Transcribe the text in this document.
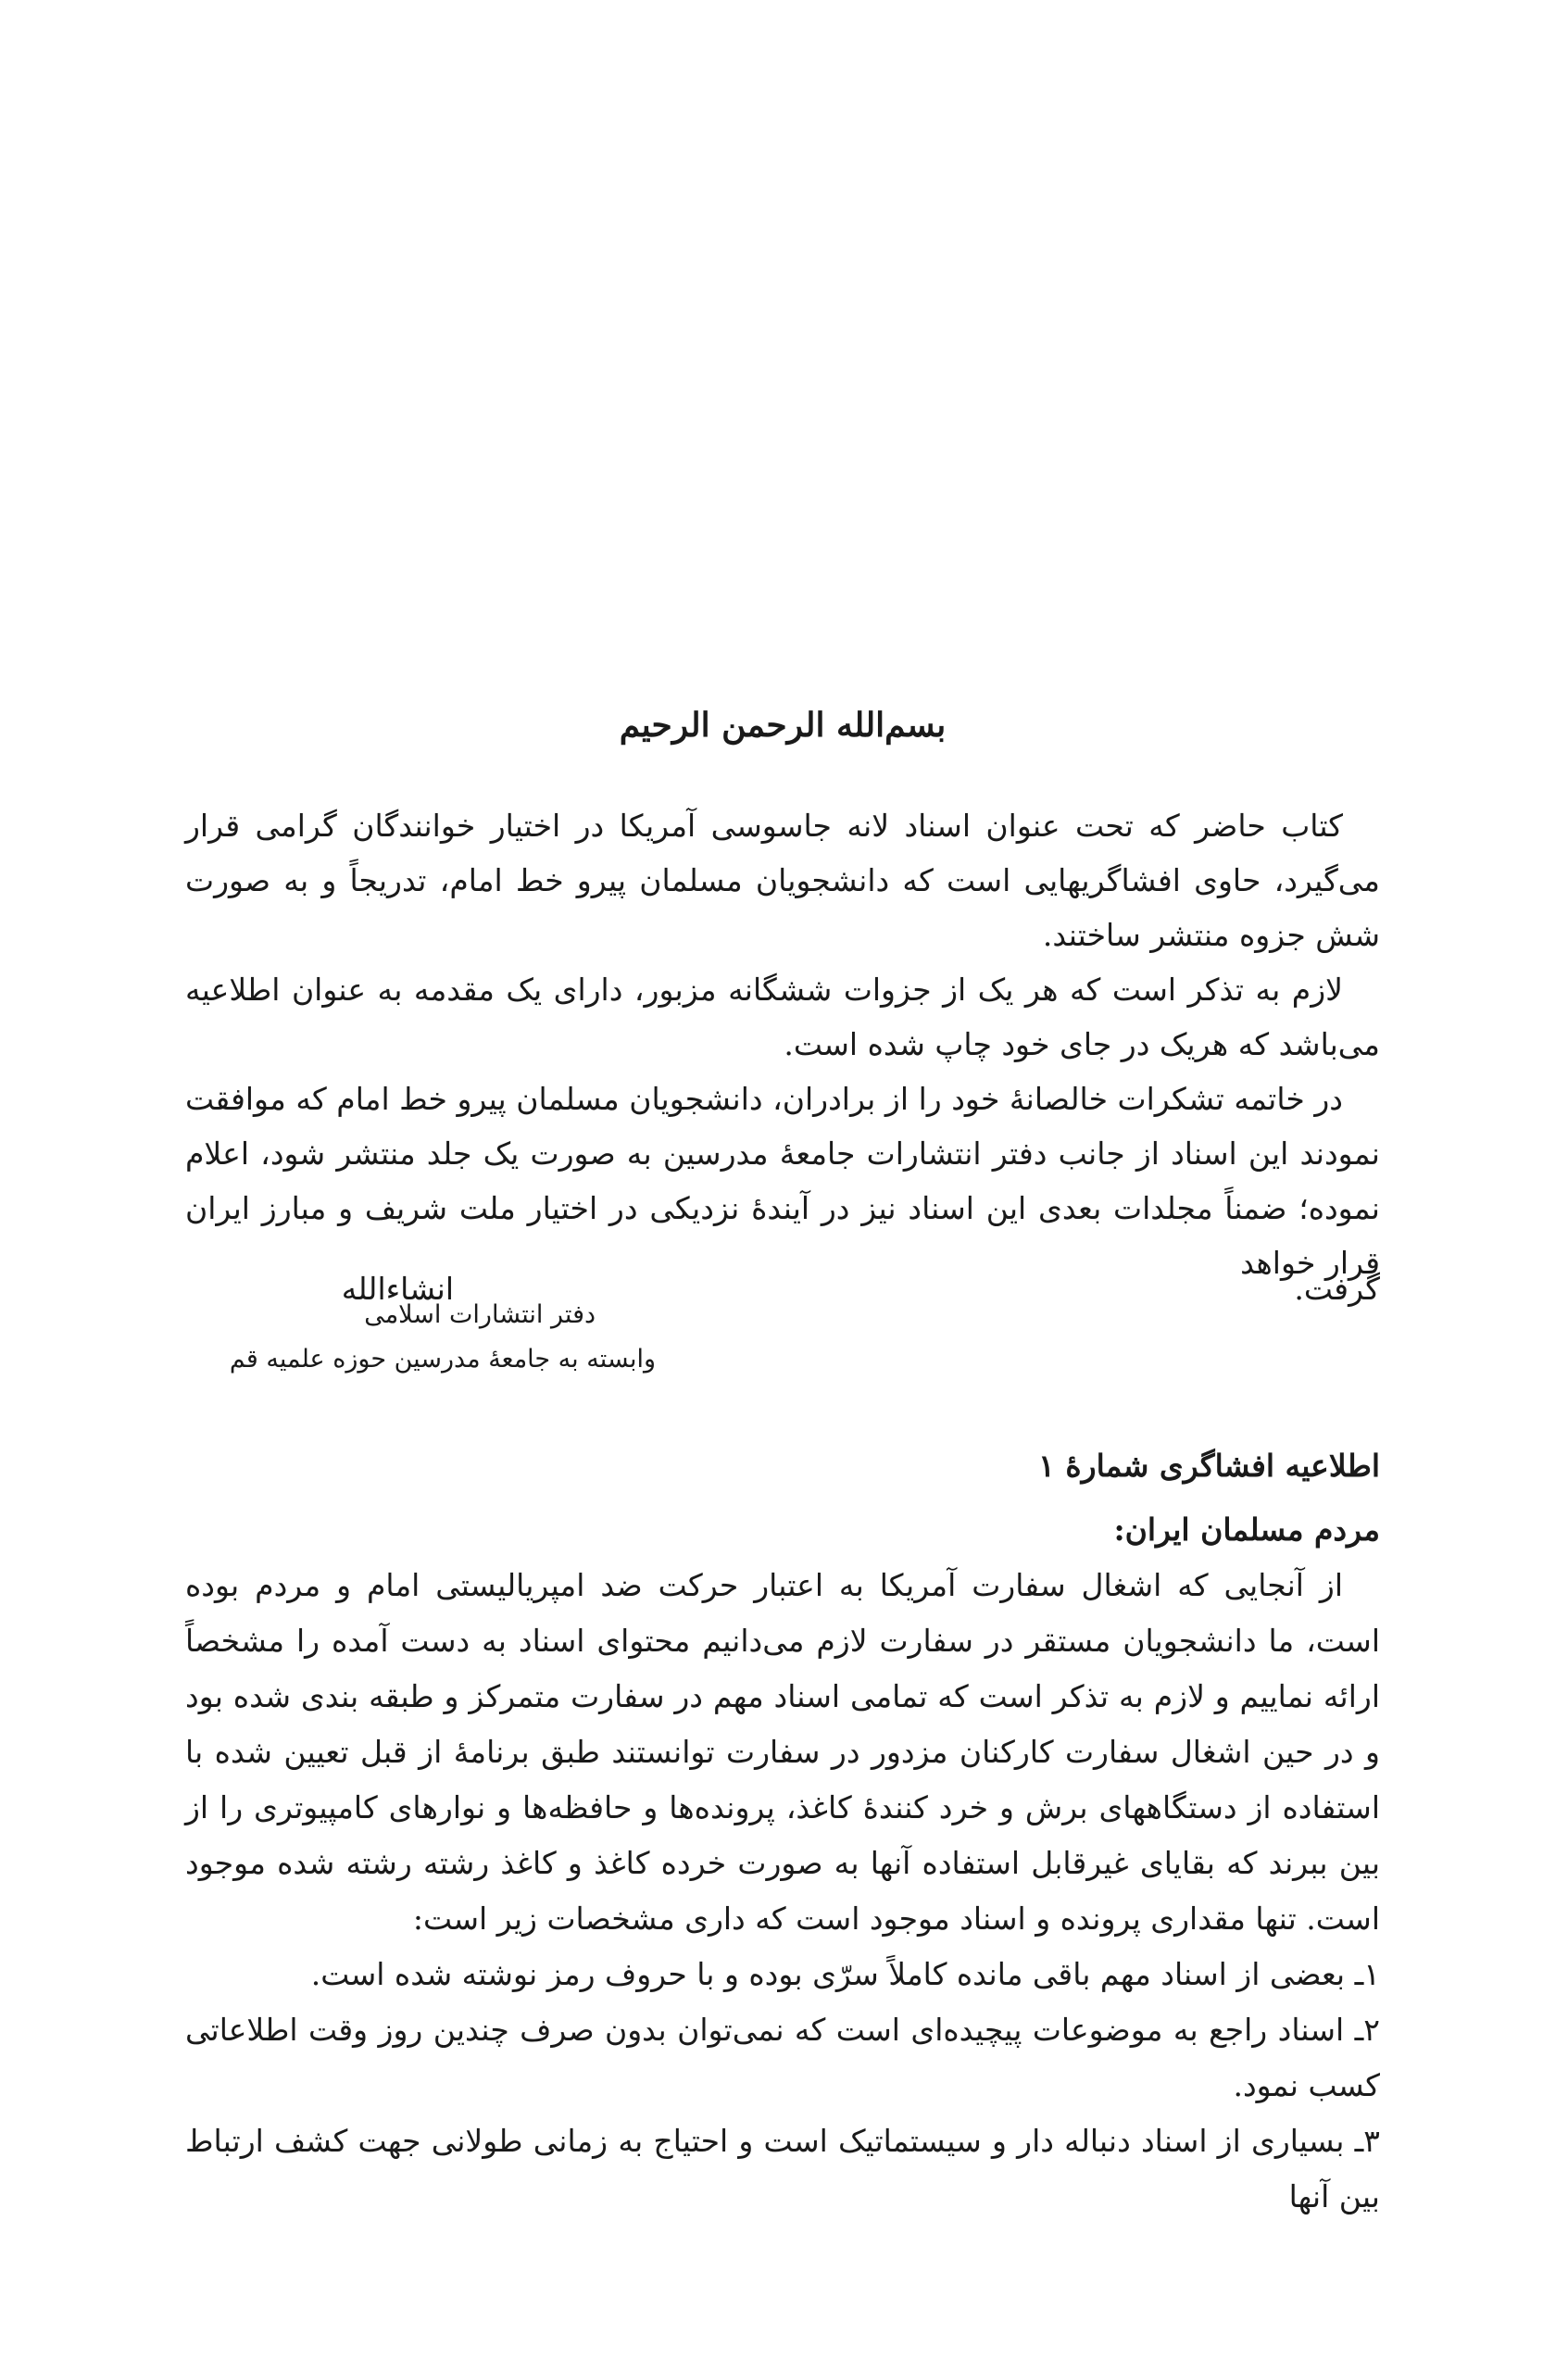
بسم‌الله الرحمن الرحیم

کتاب حاضر که تحت عنوان اسناد لانه جاسوسی آمریکا در اختیار خوانندگان گرامی قرار می‌گیرد، حاوی افشاگریهایی است که دانشجویان مسلمان پیرو خط امام، تدریجاً و به صورت شش جزوه منتشر ساختند.

لازم به تذکر است که هر یک از جزوات ششگانه مزبور، دارای یک مقدمه به عنوان اطلاعیه می‌باشد که هریک در جای خود چاپ شده است.

در خاتمه تشکرات خالصانهٔ خود را از برادران، دانشجویان مسلمان پیرو خط امام که موافقت نمودند این اسناد از جانب دفتر انتشارات جامعهٔ مدرسین به صورت یک جلد منتشر شود، اعلام نموده؛ ضمناً مجلدات بعدی این اسناد نیز در آیندهٔ نزدیکی در اختیار ملت شریف و مبارز ایران قرار خواهد

گرفت.
انشاءالله
دفتر انتشارات اسلامی
وابسته به جامعهٔ مدرسین حوزه علمیه قم
اطلاعیه افشاگری شمارهٔ ۱
مردم مسلمان ایران:

از آنجایی که اشغال سفارت آمریکا به اعتبار حرکت ضد امپریالیستی امام و مردم بوده است، ما دانشجویان مستقر در سفارت لازم می‌دانیم محتوای اسناد به دست آمده را مشخصاً ارائه نماییم و لازم به تذکر است که تمامی اسناد مهم در سفارت متمرکز و طبقه بندی شده بود و در حین اشغال سفارت کارکنان مزدور در سفارت توانستند طبق برنامهٔ از قبل تعیین شده با استفاده از دستگاههای برش و خرد کنندهٔ کاغذ، پرونده‌ها و حافظه‌ها و نوارهای کامپیوتری را از بین ببرند که بقایای غیرقابل استفاده آنها به صورت خرده کاغذ و کاغذ رشته رشته شده موجود است. تنها مقداری پرونده و اسناد موجود است که داری مشخصات زیر است:

۱ـ بعضی از اسناد مهم باقی مانده کاملاً سرّی بوده و با حروف رمز نوشته شده است.
۲ـ اسناد راجع به موضوعات پیچیده‌ای است که نمی‌توان بدون صرف چندین روز وقت اطلاعاتی کسب نمود.
۳ـ بسیاری از اسناد دنباله دار و سیستماتیک است و احتیاج به زمانی طولانی جهت کشف ارتباط بین آنها
